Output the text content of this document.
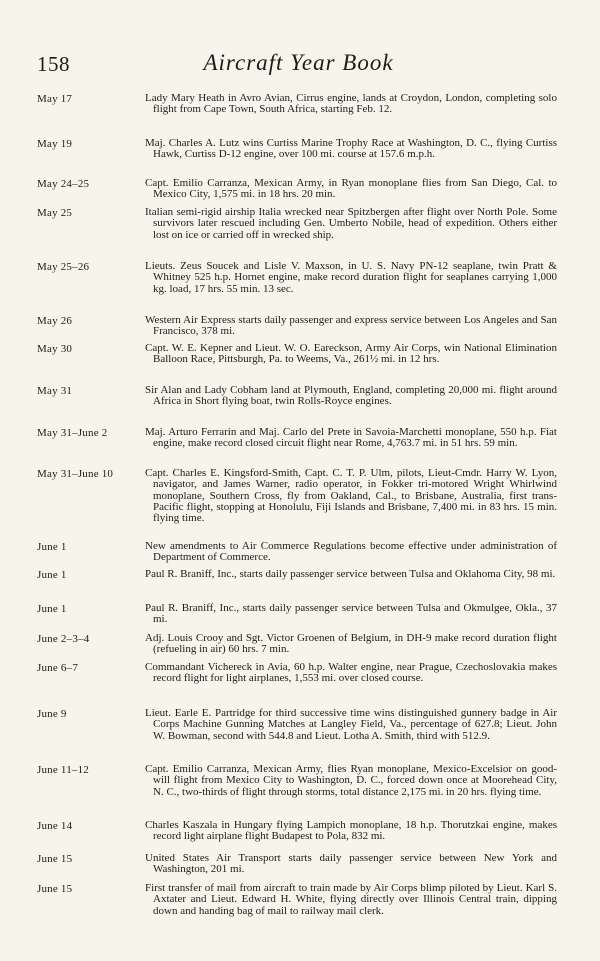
158	Aircraft Year Book
May 17	Lady Mary Heath in Avro Avian, Cirrus engine, lands at Croydon, London, completing solo flight from Cape Town, South Africa, starting Feb. 12.
May 19	Maj. Charles A. Lutz wins Curtiss Marine Trophy Race at Washington, D. C., flying Curtiss Hawk, Curtiss D-12 engine, over 100 mi. course at 157.6 m.p.h.
May 24–25	Capt. Emilio Carranza, Mexican Army, in Ryan monoplane flies from San Diego, Cal. to Mexico City, 1,575 mi. in 18 hrs. 20 min.
May 25	Italian semi-rigid airship Italia wrecked near Spitzbergen after flight over North Pole. Some survivors later rescued including Gen. Umberto Nobile, head of expedition. Others either lost on ice or carried off in wrecked ship.
May 25–26	Lieuts. Zeus Soucek and Lisle V. Maxson, in U. S. Navy PN-12 seaplane, twin Pratt & Whitney 525 h.p. Hornet engine, make record duration flight for seaplanes carrying 1,000 kg. load, 17 hrs. 55 min. 13 sec.
May 26	Western Air Express starts daily passenger and express service between Los Angeles and San Francisco, 378 mi.
May 30	Capt. W. E. Kepner and Lieut. W. O. Eareckson, Army Air Corps, win National Elimination Balloon Race, Pittsburgh, Pa. to Weems, Va., 261½ mi. in 12 hrs.
May 31	Sir Alan and Lady Cobham land at Plymouth, England, completing 20,000 mi. flight around Africa in Short flying boat, twin Rolls-Royce engines.
May 31–June 2	Maj. Arturo Ferrarin and Maj. Carlo del Prete in Savoia-Marchetti monoplane, 550 h.p. Fiat engine, make record closed circuit flight near Rome, 4,763.7 mi. in 51 hrs. 59 min.
May 31–June 10	Capt. Charles E. Kingsford-Smith, Capt. C. T. P. Ulm, pilots, Lieut-Cmdr. Harry W. Lyon, navigator, and James Warner, radio operator, in Fokker tri-motored Wright Whirlwind monoplane, Southern Cross, fly from Oakland, Cal., to Brisbane, Australia, first trans-Pacific flight, stopping at Honolulu, Fiji Islands and Brisbane, 7,400 mi. in 83 hrs. 15 min. flying time.
June 1	New amendments to Air Commerce Regulations become effective under administration of Department of Commerce.
June 1	Paul R. Braniff, Inc., starts daily passenger service between Tulsa and Oklahoma City, 98 mi.
June 1	Paul R. Braniff, Inc., starts daily passenger service between Tulsa and Okmulgee, Okla., 37 mi.
June 2–3–4	Adj. Louis Crooy and Sgt. Victor Groenen of Belgium, in DH-9 make record duration flight (refueling in air) 60 hrs. 7 min.
June 6–7	Commandant Vichereck in Avia, 60 h.p. Walter engine, near Prague, Czechoslovakia makes record flight for light airplanes, 1,553 mi. over closed course.
June 9	Lieut. Earle E. Partridge for third successive time wins distinguished gunnery badge in Air Corps Machine Gunning Matches at Langley Field, Va., percentage of 627.8; Lieut. John W. Bowman, second with 544.8 and Lieut. Lotha A. Smith, third with 512.9.
June 11–12	Capt. Emilio Carranza, Mexican Army, flies Ryan monoplane, Mexico-Excelsior on good-will flight from Mexico City to Washington, D. C., forced down once at Moorehead City, N. C., two-thirds of flight through storms, total distance 2,175 mi. in 20 hrs. flying time.
June 14	Charles Kaszala in Hungary flying Lampich monoplane, 18 h.p. Thorutzkai engine, makes record light airplane flight Budapest to Pola, 832 mi.
June 15	United States Air Transport starts daily passenger service between New York and Washington, 201 mi.
June 15	First transfer of mail from aircraft to train made by Air Corps blimp piloted by Lieut. Karl S. Axtater and Lieut. Edward H. White, flying directly over Illinois Central train, dipping down and handing bag of mail to railway mail clerk.
